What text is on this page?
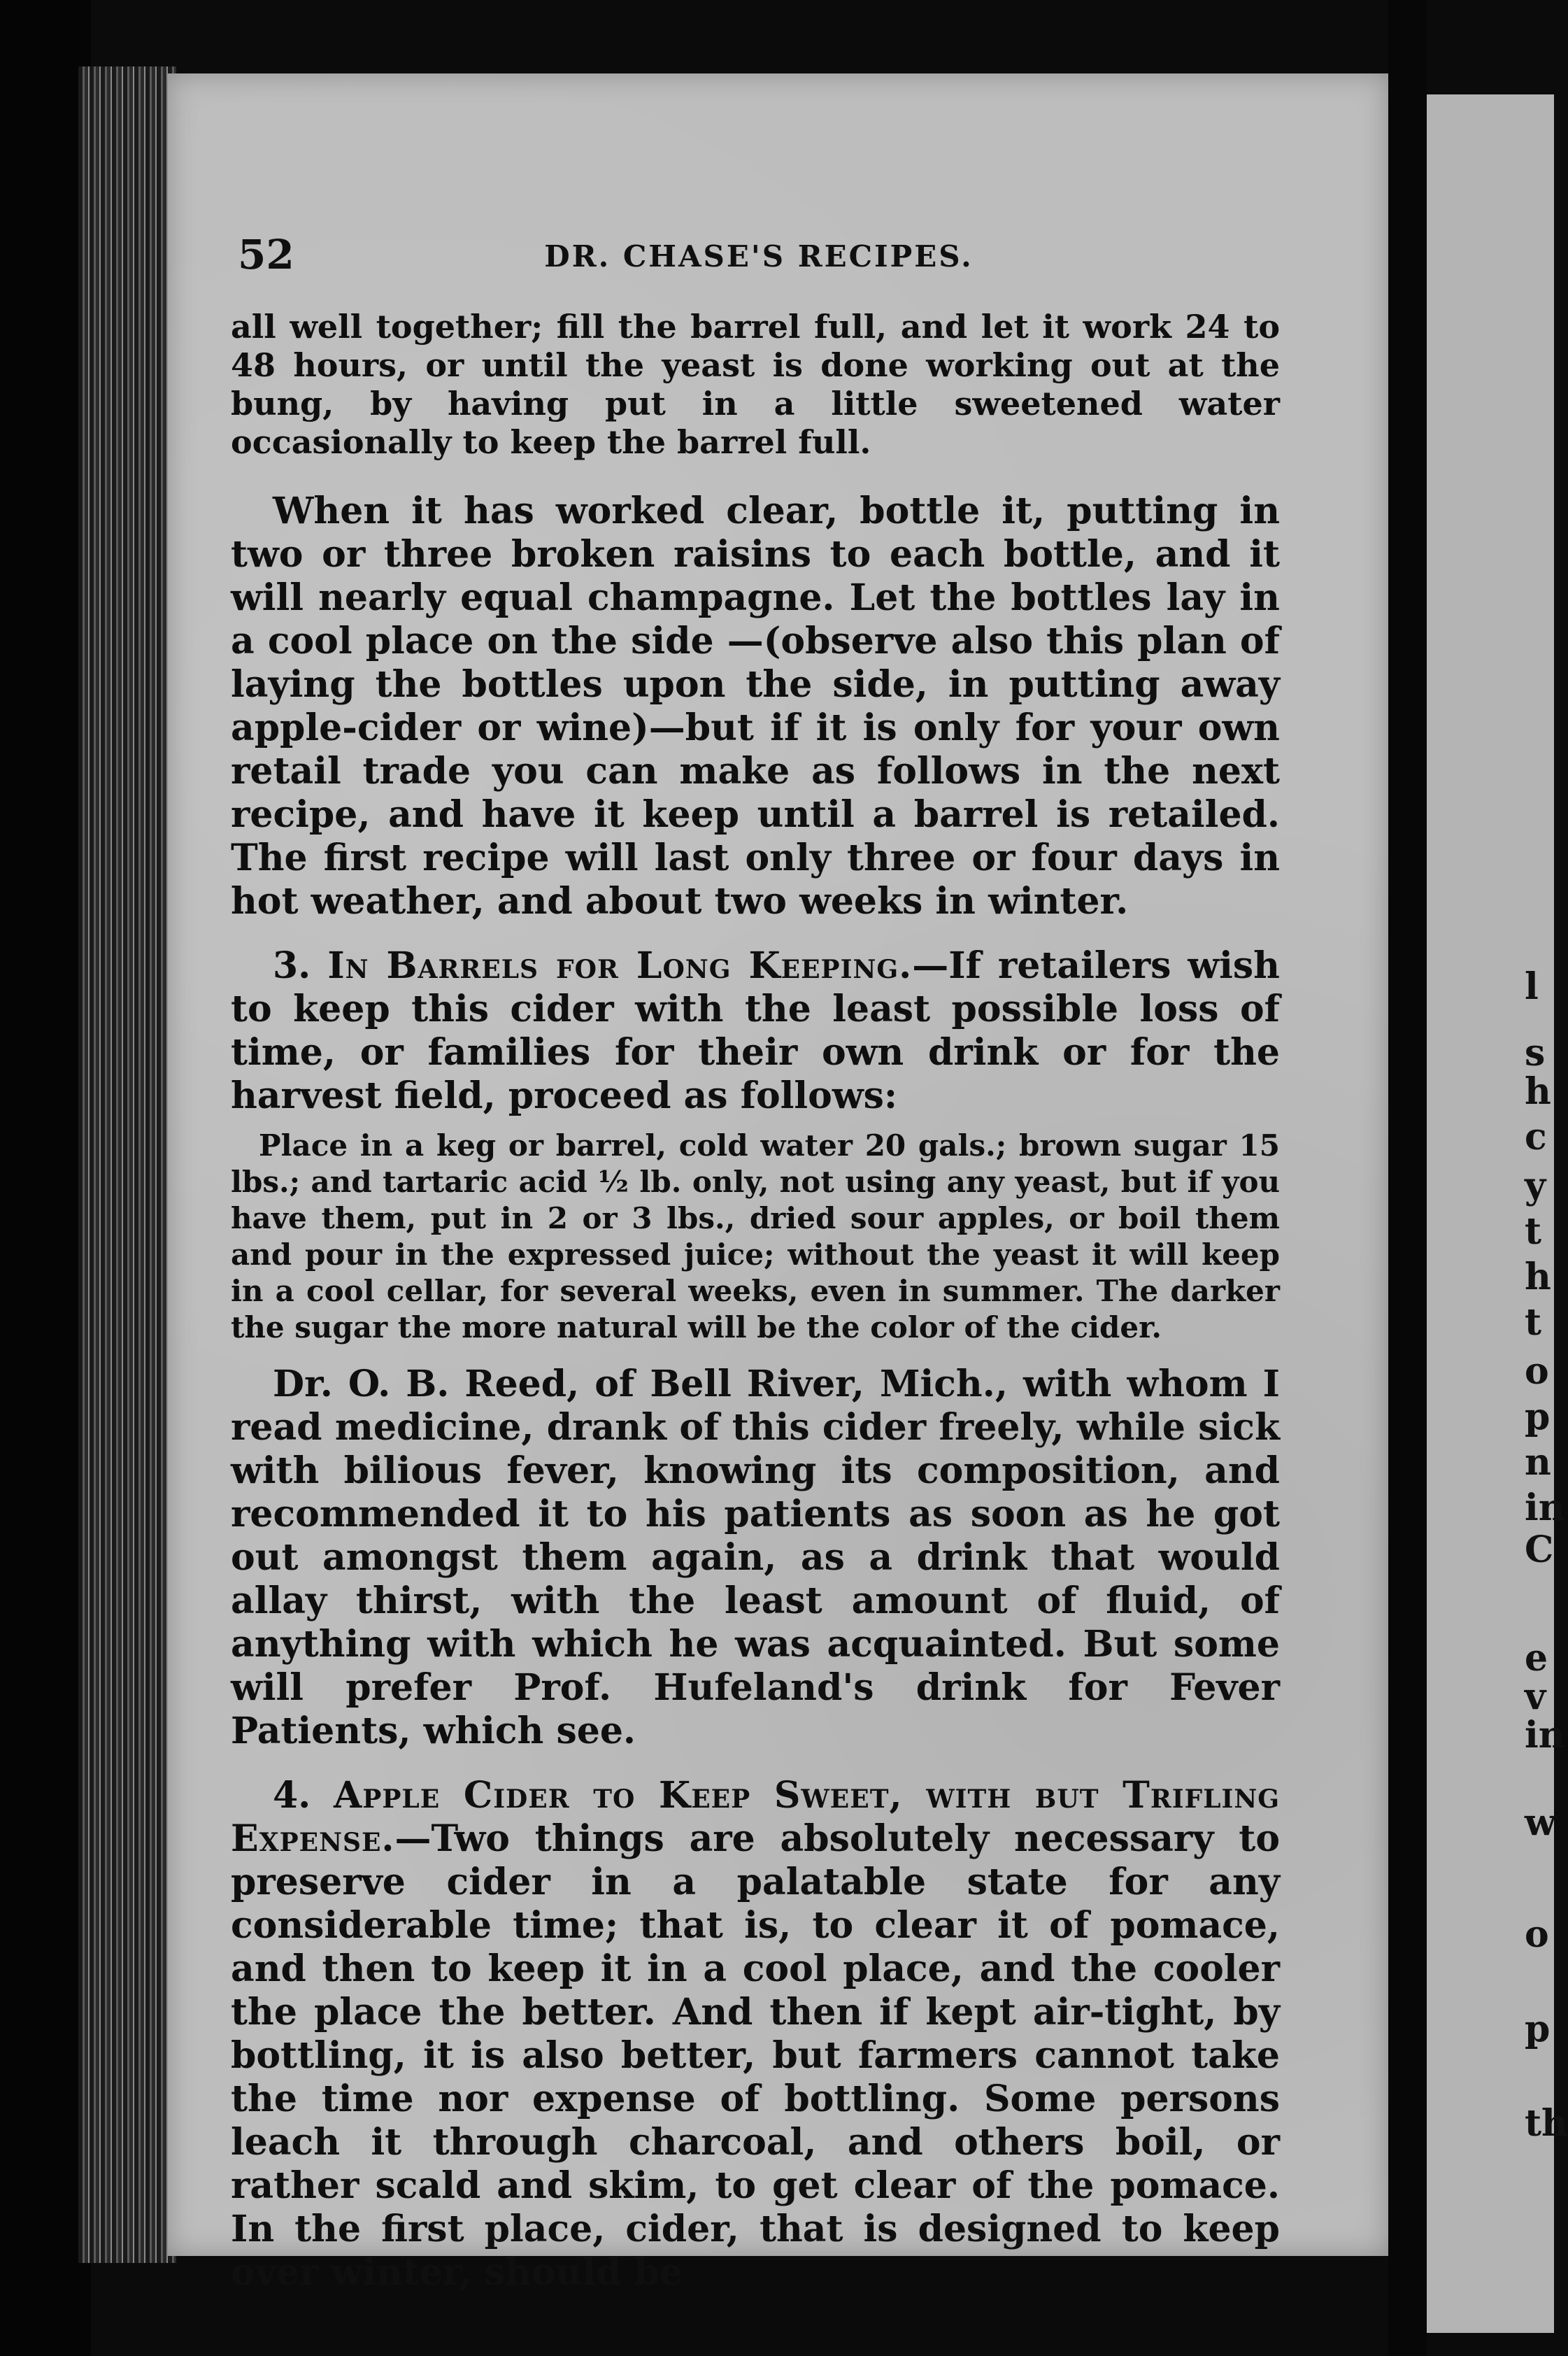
l
s
h
c
y
t
h
t
o
p
n
in
C
e
v
in
w
o
p
th
52	DR. CHASE'S RECIPES.

all well together; fill the barrel full, and let it work 24 to 48 hours, or until the yeast is done working out at the bung, by having put in a little sweetened water occasionally to keep the barrel full.

When it has worked clear, bottle it, putting in two or three broken raisins to each bottle, and it will nearly equal champagne. Let the bottles lay in a cool place on the side —(observe also this plan of laying the bottles upon the side, in putting away apple-cider or wine)—but if it is only for your own retail trade you can make as follows in the next recipe, and have it keep until a barrel is retailed. The first recipe will last only three or four days in hot weather, and about two weeks in winter.

3. In Barrels for Long Keeping.—If retailers wish to keep this cider with the least possible loss of time, or families for their own drink or for the harvest field, proceed as follows:

Place in a keg or barrel, cold water 20 gals.; brown sugar 15 lbs.; and tartaric acid ½ lb. only, not using any yeast, but if you have them, put in 2 or 3 lbs., dried sour apples, or boil them and pour in the expressed juice; without the yeast it will keep in a cool cellar, for several weeks, even in summer. The darker the sugar the more natural will be the color of the cider.

Dr. O. B. Reed, of Bell River, Mich., with whom I read medicine, drank of this cider freely, while sick with bilious fever, knowing its composition, and recommended it to his patients as soon as he got out amongst them again, as a drink that would allay thirst, with the least amount of fluid, of anything with which he was acquainted. But some will prefer Prof. Hufeland's drink for Fever Patients, which see.

4. Apple Cider to Keep Sweet, with but Trifling Expense.—Two things are absolutely necessary to preserve cider in a palatable state for any considerable time; that is, to clear it of pomace, and then to keep it in a cool place, and the cooler the place the better. And then if kept air-tight, by bottling, it is also better, but farmers cannot take the time nor expense of bottling. Some persons leach it through charcoal, and others boil, or rather scald and skim, to get clear of the pomace. In the first place, cider, that is designed to keep over winter, should be
